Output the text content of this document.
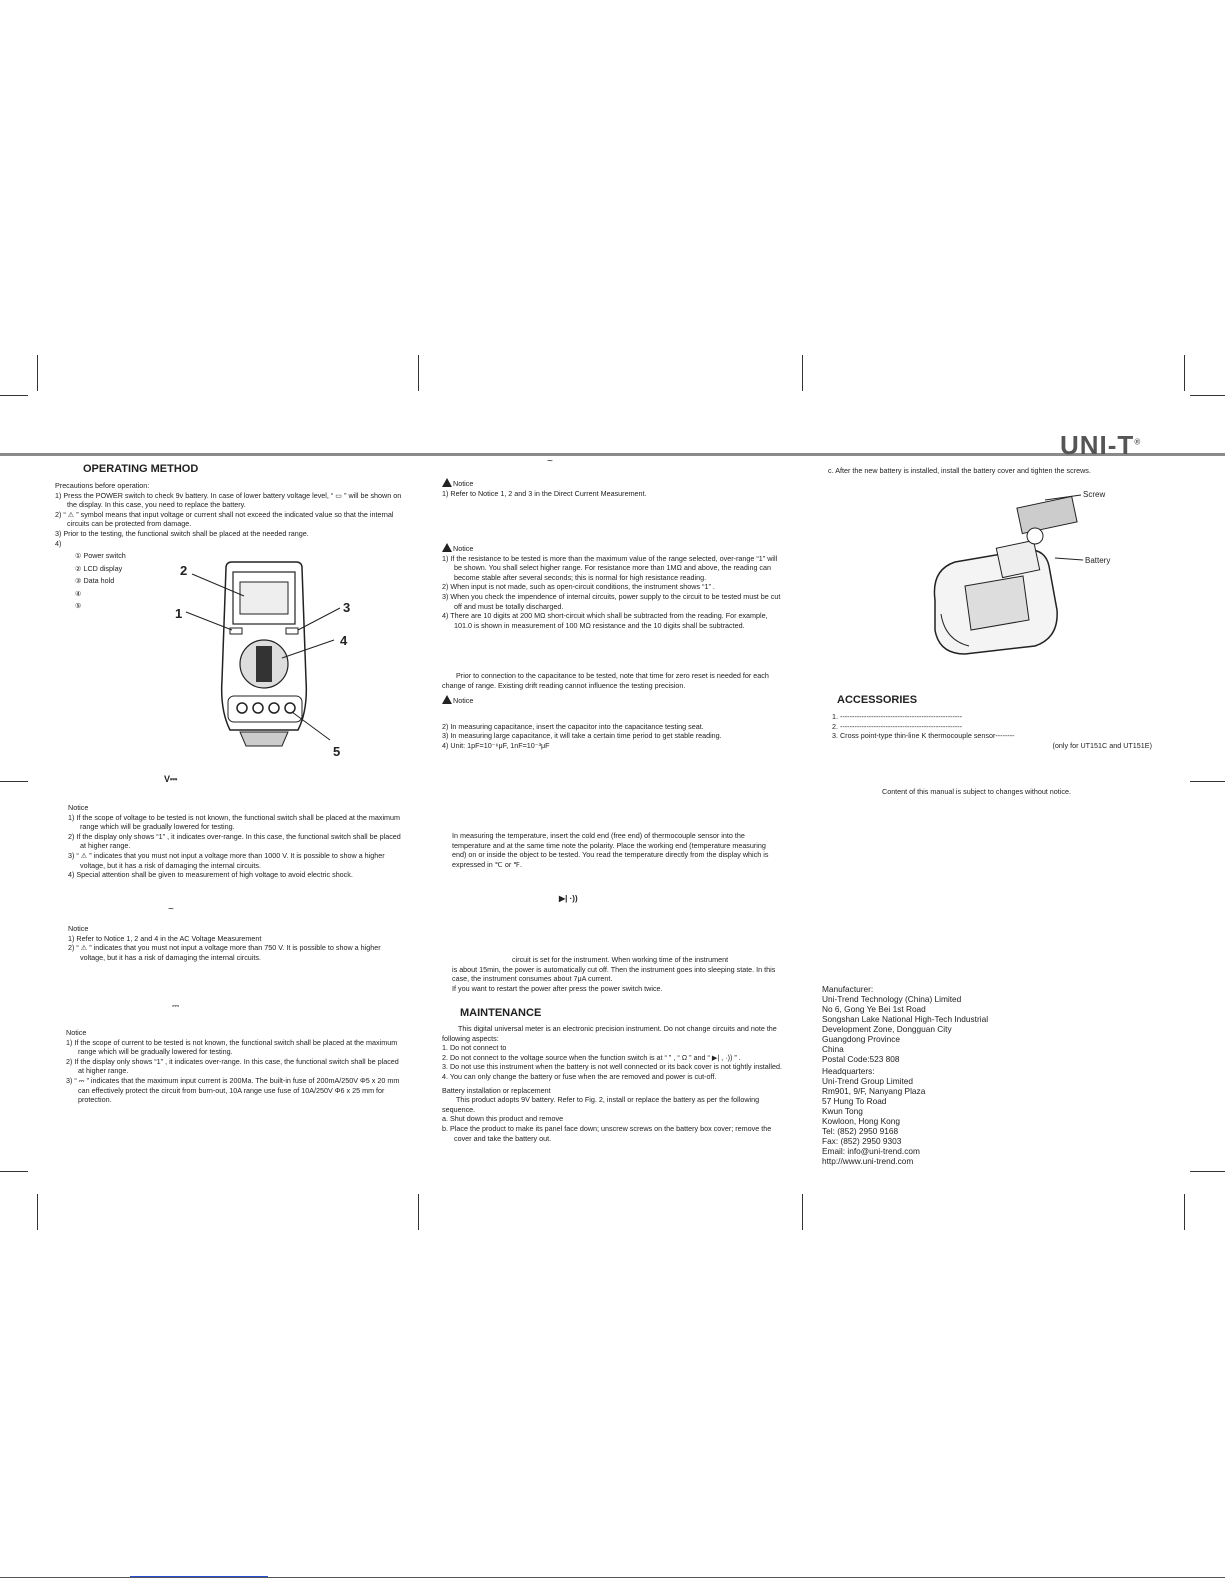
UNI-T®
OPERATING METHOD

Precautions before operation:

1) Press the POWER switch to check 9v battery. In case of lower battery voltage level, “ ▭ ” will be shown on the display. In this case, you need to replace the battery.

2) “ ⚠ ” symbol means that input voltage or current shall not exceed the indicated value so that the internal circuits can be protected from damage.

3) Prior to the testing, the functional switch shall be placed at the needed range.

4)

① Power switch
② LCD display
③ Data hold
④
⑤
1
2
3
4
5
V⎓

Notice

1) If the scope of voltage to be tested is not known, the functional switch shall be placed at the maximum range which will be gradually lowered for testing.

2) If the display only shows “1” , it indicates over-range. In this case, the functional switch shall be placed at higher range.

3) “ ⚠ ” indicates that you must not input a voltage more than 1000 V. It is possible to show a higher voltage, but it has a risk of damaging the internal circuits.

4) Special attention shall be given to measurement of high voltage to avoid electric shock.

~

Notice

1) Refer to Notice 1, 2 and 4 in the AC Voltage Measurement

2) “ ⚠ ” indicates that you must not input a voltage more than 750 V. It is possible to show a higher voltage, but it has a risk of damaging the internal circuits.

⎓

Notice

1) If the scope of current to be tested is not known, the functional switch shall be placed at the maximum range which will be gradually lowered for testing.

2) If the display only shows “1” , it indicates over-range. In this case, the functional switch shall be placed at higher range.

3) “ ⎓ ” indicates that the maximum input current is 200Ma. The built-in fuse of 200mA/250V Φ5 x 20 mm can effectively protect the circuit from burn-out, 10A range use fuse of 10A/250V Φ6 x 25 mm for protection.

~

Notice

1) Refer to Notice 1, 2 and 3 in the Direct Current Measurement.

Notice

1) If the resistance to be tested is more than the maximum value of the range selected, over-range “1” will be shown. You shall select higher range. For resistance more than 1MΩ and above, the reading can become stable after several seconds; this is normal for high resistance reading.

2) When input is not made, such as open-circuit conditions, the instrument shows “1” .

3) When you check the impendence of internal circuits, power supply to the circuit to be tested must be cut off and must be totally discharged.

4) There are 10 digits at 200 MΩ short-circuit which shall be subtracted from the reading. For example, 101.0 is shown in measurement of 100 MΩ resistance and the 10 digits shall be subtracted.

Prior to connection to the capacitance to be tested, note that time for zero reset is needed for each change of range. Existing drift reading cannot influence the testing precision.

Notice

2) In measuring capacitance, insert the capacitor into the capacitance testing seat.

3) In measuring large capacitance, it will take a certain time period to get stable reading.

4) Unit: 1pF=10⁻⁶μF, 1nF=10⁻³μF

In measuring the temperature, insert the cold end (free end) of thermocouple sensor into the temperature and at the same time note the polarity. Place the working end (temperature measuring end) on or inside the object to be tested. You read the temperature directly from the display which is expressed in ℃ or ℉.
▶| ·))

circuit is set for the instrument. When working time of the instrument

is about 15min, the power is automatically cut off. Then the instrument goes into sleeping state. In this case, the instrument consumes about 7μA current.

If you want to restart the power after press the power switch twice.

MAINTENANCE

This digital universal meter is an electronic precision instrument. Do not change circuits and note the following aspects:

1. Do not connect to

2. Do not connect to the voltage source when the function switch is at “ ” , “ Ω ” and “ ▶| , ·)) ” .

3. Do not use this instrument when the battery is not well connected or its back cover is not tightly installed.

4. You can only change the battery or fuse when the are removed and power is cut-off.

Battery installation or replacement

This product adopts 9V battery. Refer to Fig. 2, install or replace the battery as per the following sequence.

a. Shut down this product and remove

b. Place the product to make its panel face down; unscrew screws on the battery box cover; remove the cover and take the battery out.

c. After the new battery is installed, install the battery cover and tighten the screws.
Screw
Battery
ACCESSORIES

1. ---------------------------------------------------

2. ---------------------------------------------------

3. Cross point-type thin-line K thermocouple sensor--------

(only for UT151C and UT151E)

Content of this manual is subject to changes without notice.
Manufacturer:
Uni-Trend Technology (China) Limited
No 6, Gong Ye Bei 1st Road
Songshan Lake National High-Tech Industrial
Development Zone, Dongguan City
Guangdong Province
China
Postal Code:523 808
Headquarters:
Uni-Trend Group Limited
Rm901, 9/F, Nanyang Plaza
57 Hung To Road
Kwun Tong
Kowloon, Hong Kong
Tel: (852) 2950 9168
Fax: (852) 2950 9303
Email: info@uni-trend.com
http://www.uni-trend.com
